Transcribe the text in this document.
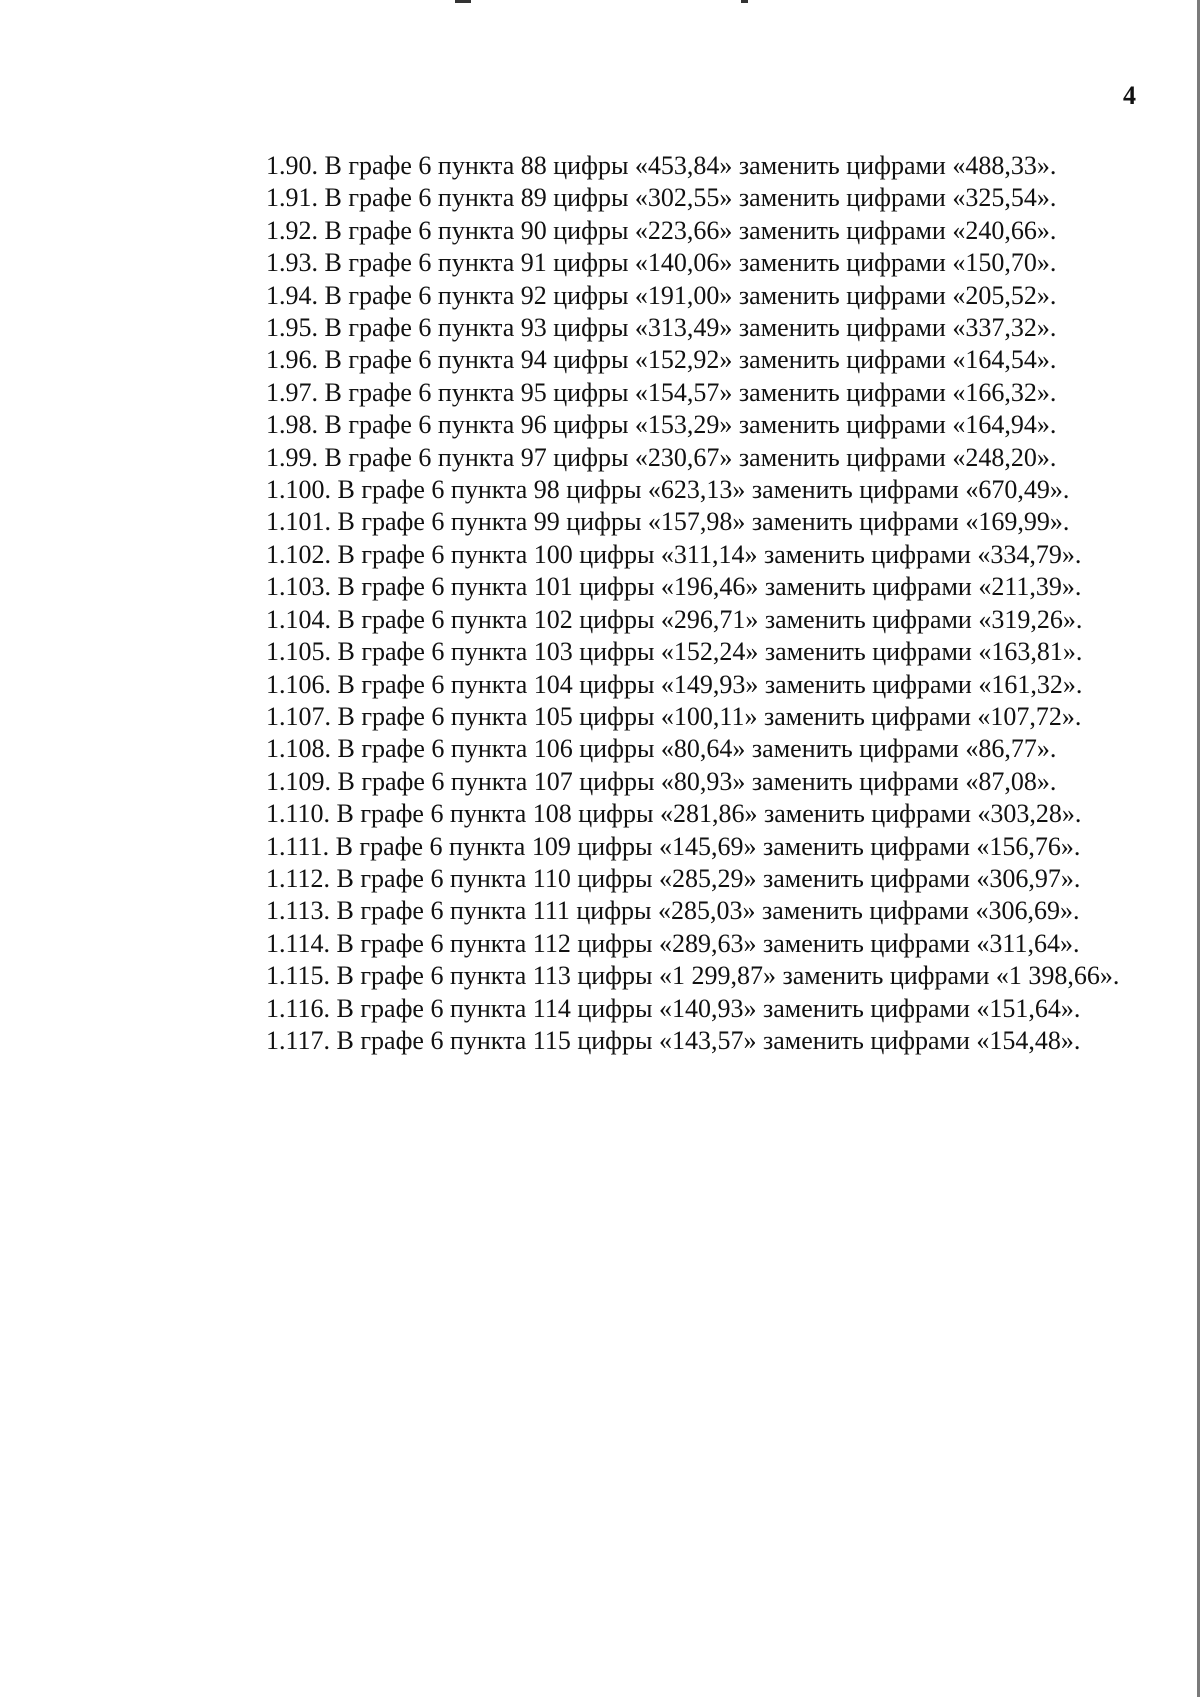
4

1.90. В графе 6 пункта 88 цифры «453,84» заменить цифрами «488,33».

1.91. В графе 6 пункта 89 цифры «302,55» заменить цифрами «325,54».

1.92. В графе 6 пункта 90 цифры «223,66» заменить цифрами «240,66».

1.93. В графе 6 пункта 91 цифры «140,06» заменить цифрами «150,70».

1.94. В графе 6 пункта 92 цифры «191,00» заменить цифрами «205,52».

1.95. В графе 6 пункта 93 цифры «313,49» заменить цифрами «337,32».

1.96. В графе 6 пункта 94 цифры «152,92» заменить цифрами «164,54».

1.97. В графе 6 пункта 95 цифры «154,57» заменить цифрами «166,32».

1.98. В графе 6 пункта 96 цифры «153,29» заменить цифрами «164,94».

1.99. В графе 6 пункта 97 цифры «230,67» заменить цифрами «248,20».

1.100. В графе 6 пункта 98 цифры «623,13» заменить цифрами «670,49».

1.101. В графе 6 пункта 99 цифры «157,98» заменить цифрами «169,99».

1.102. В графе 6 пункта 100 цифры «311,14» заменить цифрами «334,79».

1.103. В графе 6 пункта 101 цифры «196,46» заменить цифрами «211,39».

1.104. В графе 6 пункта 102 цифры «296,71» заменить цифрами «319,26».

1.105. В графе 6 пункта 103 цифры «152,24» заменить цифрами «163,81».

1.106. В графе 6 пункта 104 цифры «149,93» заменить цифрами «161,32».

1.107. В графе 6 пункта 105 цифры «100,11» заменить цифрами «107,72».

1.108. В графе 6 пункта 106 цифры «80,64» заменить цифрами «86,77».

1.109. В графе 6 пункта 107 цифры «80,93» заменить цифрами «87,08».

1.110. В графе 6 пункта 108 цифры «281,86» заменить цифрами «303,28».

1.111. В графе 6 пункта 109 цифры «145,69» заменить цифрами «156,76».

1.112. В графе 6 пункта 110 цифры «285,29» заменить цифрами «306,97».

1.113. В графе 6 пункта 111 цифры «285,03» заменить цифрами «306,69».

1.114. В графе 6 пункта 112 цифры «289,63» заменить цифрами «311,64».

1.115. В графе 6 пункта 113 цифры «1 299,87» заменить цифрами «1 398,66».

1.116. В графе 6 пункта 114 цифры «140,93» заменить цифрами «151,64».

1.117. В графе 6 пункта 115 цифры «143,57» заменить цифрами «154,48».
